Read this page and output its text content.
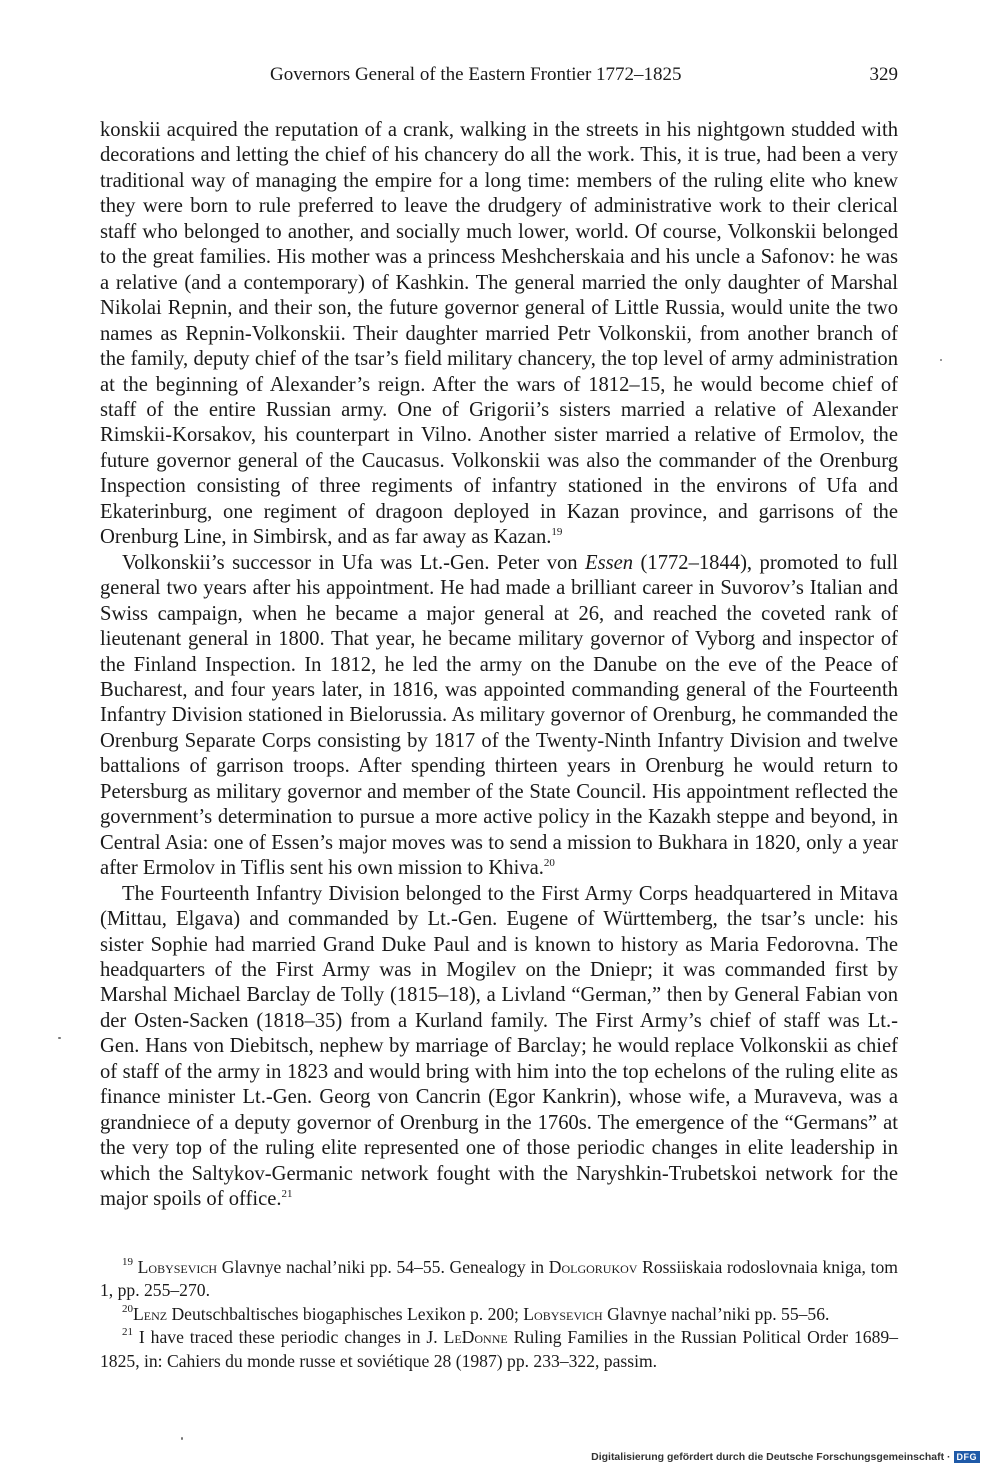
Governors General of the Eastern Frontier 1772–1825	329

konskii acquired the reputation of a crank, walking in the streets in his nightgown studded with decorations and letting the chief of his chancery do all the work. This, it is true, had been a very traditional way of managing the empire for a long time: members of the ruling elite who knew they were born to rule preferred to leave the drudgery of administrative work to their clerical staff who belonged to another, and socially much lower, world. Of course, Volkonskii belonged to the great families. His mother was a princess Meshcherskaia and his uncle a Safonov: he was a relative (and a contemporary) of Kashkin. The general married the only daughter of Marshal Nikolai Repnin, and their son, the future governor general of Little Russia, would unite the two names as Repnin-Volkonskii. Their daughter married Petr Volkonskii, from another branch of the family, deputy chief of the tsar’s field military chancery, the top level of army administration at the beginning of Alexander’s reign. After the wars of 1812–15, he would become chief of staff of the entire Russian army. One of Grigorii’s sisters married a relative of Alexander Rimskii-Korsakov, his counterpart in Vilno. Another sister married a relative of Ermolov, the future governor general of the Caucasus. Volkonskii was also the commander of the Orenburg Inspection consisting of three regiments of infantry stationed in the environs of Ufa and Ekaterinburg, one regiment of dragoon deployed in Kazan province, and garrisons of the Orenburg Line, in Simbirsk, and as far away as Kazan.$^{19}$

Volkonskii’s successor in Ufa was Lt.-Gen. Peter von Essen (1772–1844), promoted to full general two years after his appointment. He had made a brilliant career in Suvorov’s Italian and Swiss campaign, when he became a major general at 26, and reached the coveted rank of lieutenant general in 1800. That year, he became military governor of Vyborg and inspector of the Finland Inspection. In 1812, he led the army on the Danube on the eve of the Peace of Bucharest, and four years later, in 1816, was appointed commanding general of the Fourteenth Infantry Division stationed in Bielorussia. As military governor of Orenburg, he commanded the Orenburg Separate Corps consisting by 1817 of the Twenty-Ninth Infantry Division and twelve battalions of garrison troops. After spending thirteen years in Orenburg he would return to Petersburg as military governor and member of the State Council. His appointment reflected the government’s determination to pursue a more active policy in the Kazakh steppe and beyond, in Central Asia: one of Essen’s major moves was to send a mission to Bukhara in 1820, only a year after Ermolov in Tiflis sent his own mission to Khiva.$^{20}$

The Fourteenth Infantry Division belonged to the First Army Corps headquartered in Mitava (Mittau, Elgava) and commanded by Lt.-Gen. Eugene of Württemberg, the tsar’s uncle: his sister Sophie had married Grand Duke Paul and is known to history as Maria Fedorovna. The headquarters of the First Army was in Mogilev on the Dniepr; it was commanded first by Marshal Michael Barclay de Tolly (1815–18), a Livland “German,” then by General Fabian von der Osten-Sacken (1818–35) from a Kurland family. The First Army’s chief of staff was Lt.-Gen. Hans von Diebitsch, nephew by marriage of Barclay; he would replace Volkonskii as chief of staff of the army in 1823 and would bring with him into the top echelons of the ruling elite as finance minister Lt.-Gen. Georg von Cancrin (Egor Kankrin), whose wife, a Muraveva, was a grandniece of a deputy governor of Orenburg in the 1760s. The emergence of the “Germans” at the very top of the ruling elite represented one of those periodic changes in elite leadership in which the Saltykov-Germanic network fought with the Naryshkin-Trubetskoi network for the major spoils of office.$^{21}$

$^{19}$ Lobysevich Glavnye nachal’niki pp. 54–55. Genealogy in Dolgorukov Rossiiskaia rodoslovnaia kniga, tom 1, pp. 255–270.

$^{20}$Lenz Deutschbaltisches biogaphisches Lexikon p. 200; Lobysevich Glavnye nachal’niki pp. 55–56.

$^{21}$ I have traced these periodic changes in J. LeDonne Ruling Families in the Russian Political Order 1689–1825, in: Cahiers du monde russe et soviétique 28 (1987) pp. 233–322, passim.

Digitalisierung gefördert durch die Deutsche Forschungsgemeinschaft · DFG
